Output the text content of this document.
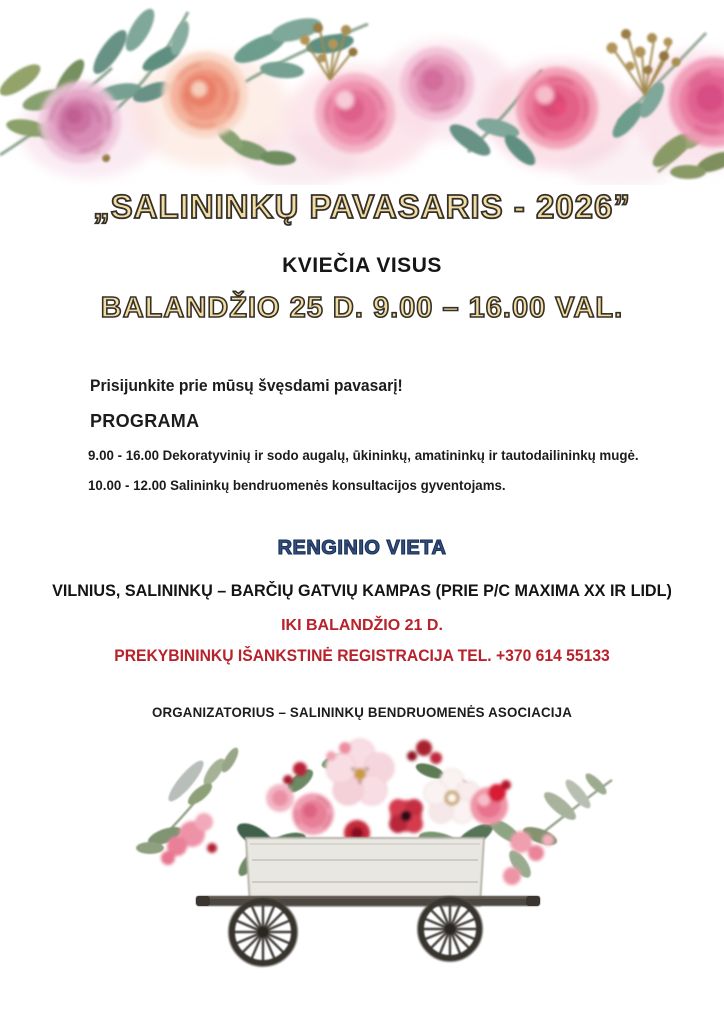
„SALININKŲ PAVASARIS - 2026”
KVIEČIA VISUS
BALANDŽIO 25 D. 9.00 – 16.00 VAL.

Prisijunkite prie mūsų švęsdami pavasarį!

PROGRAMA

9.00 - 16.00 Dekoratyvinių ir sodo augalų, ūkininkų, amatininkų ir tautodailininkų mugė.

10.00 - 12.00 Salininkų bendruomenės konsultacijos gyventojams.

RENGINIO VIETA

VILNIUS, SALININKŲ – BARČIŲ GATVIŲ KAMPAS (PRIE P/C MAXIMA XX IR LIDL)

IKI BALANDŽIO 21 D.

PREKYBININKŲ IŠANKSTINĖ REGISTRACIJA TEL. +370 614 55133

ORGANIZATORIUS – SALININKŲ BENDRUOMENĖS ASOCIACIJA
